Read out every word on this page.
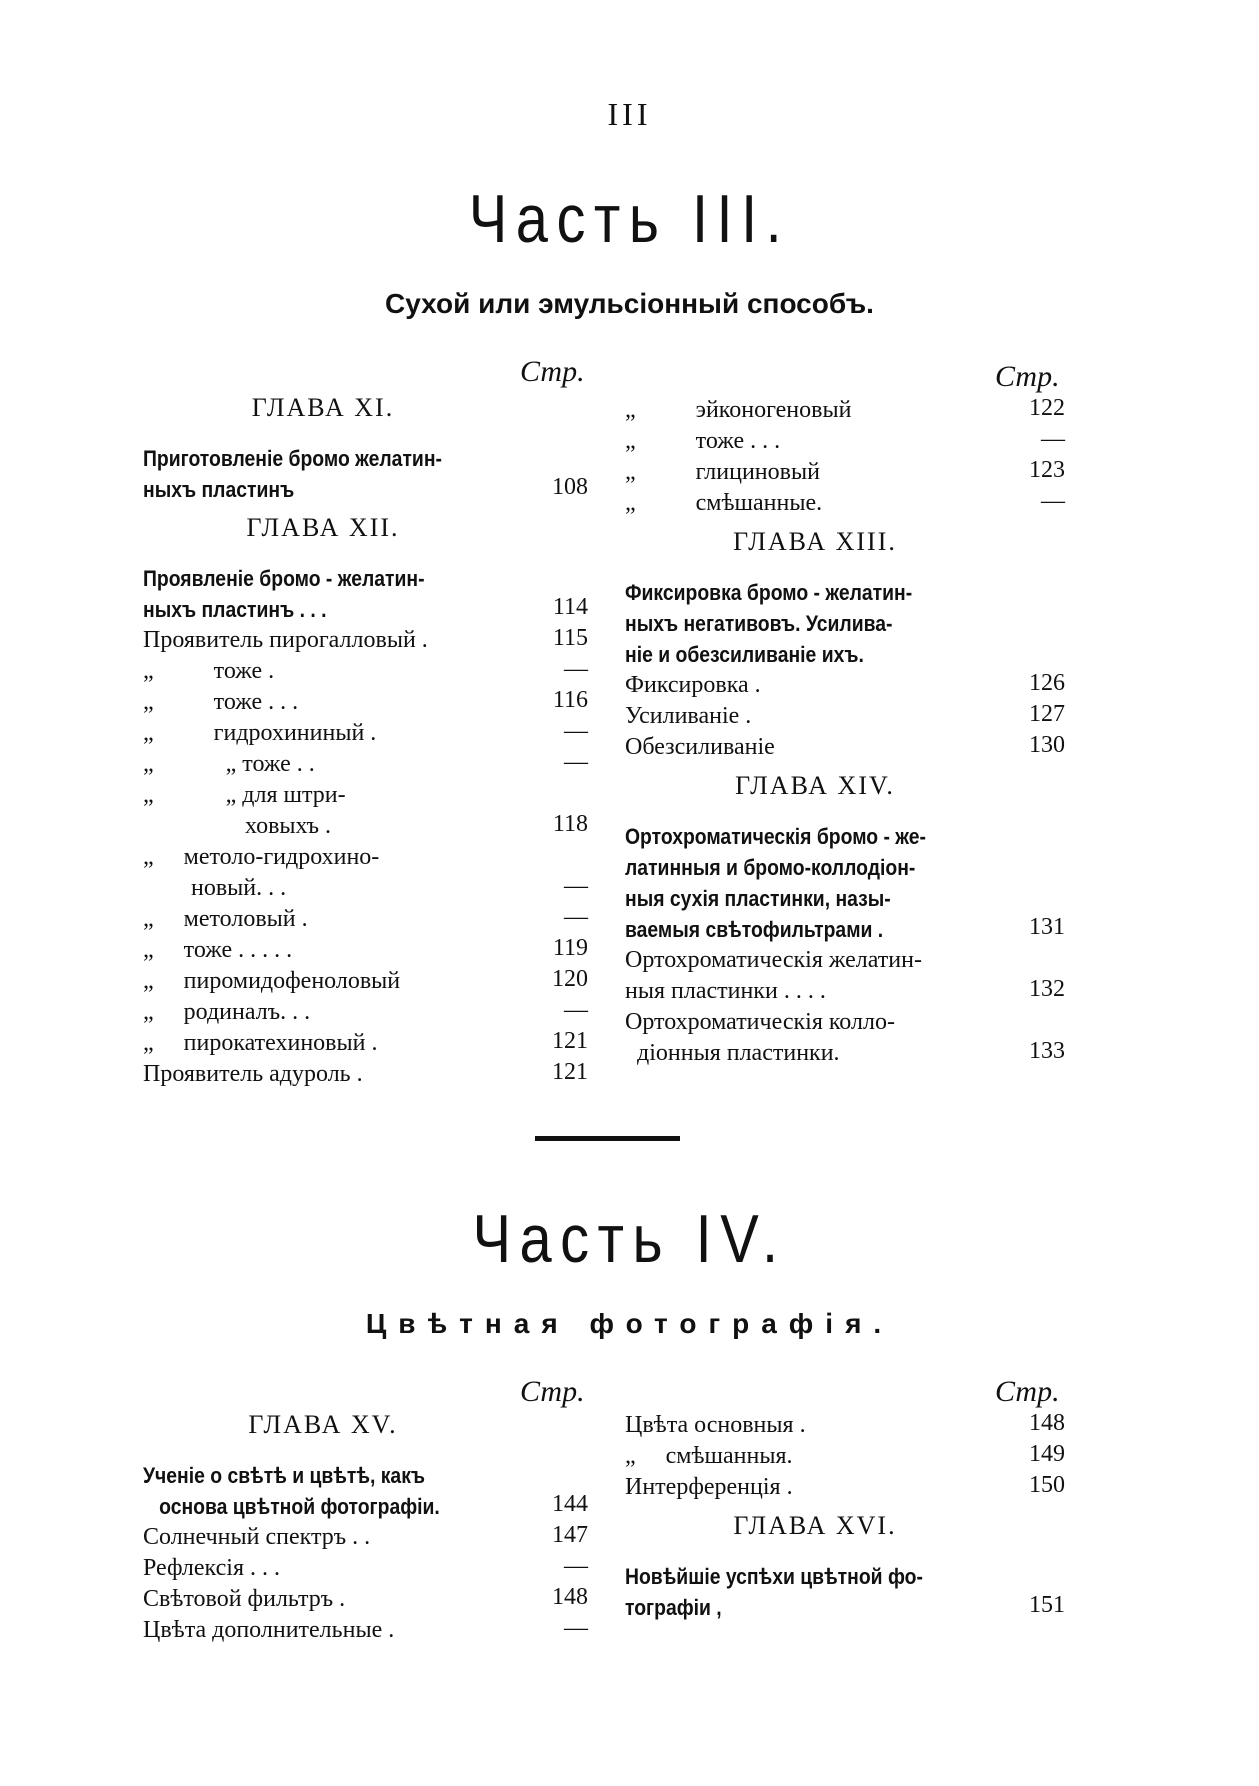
III
Часть III.
Сухой или эмульсіонный способъ.
Стр.	Стр.
ГЛАВА XI.
Приготовленіе бромо желатин-
ныхъ пластинъ	108
ГЛАВА XII.
Проявленіе бромо - желатин-
ныхъ пластинъ . . .	114
Проявитель пирогалловый .	115
„          тоже .	—
„          тоже . . .	116
„          гидрохининый .	—
„            „ тоже . .	—
„            „ для штри-
ховыхъ .	118
„     метоло-гидрохино-
новый. . .	—
„     метоловый .	—
„     тоже . . . . .	119
„     пиромидофеноловый	120
„     родиналъ. . .	—
„     пирокатехиновый .	121
Проявитель адуроль .	121
„          эйконогеновый	122
„          тоже . . .	—
„          глициновый	123
„          смѣшанные.	—
ГЛАВА XIII.
Фиксировка бромо - желатин-
ныхъ негативовъ. Усилива-
ніе и обезсиливаніе ихъ.
Фиксировка .	126
Усиливаніе .	127
Обезсиливаніе	130
ГЛАВА XIV.
Ортохроматическія бромо - же-
латинныя и бромо-коллодіон-
ныя сухія пластинки, назы-
ваемыя свѣтофильтрами .	131
Ортохроматическія желатин-
ныя пластинки . . . .	132
Ортохроматическія колло-
діонныя пластинки.	133
Часть IV.
Цвѣтная фотографія.
Стр.	Стр.
ГЛАВА XV.
Ученіе о свѣтѣ и цвѣтѣ, какъ
основа цвѣтной фотографіи.	144
Солнечный спектръ . .	147
Рефлексія . . .	—
Свѣтовой фильтръ .	148
Цвѣта дополнительные .	—
Цвѣта основныя .	148
„     смѣшанныя.	149
Интерференція .	150
ГЛАВА XVI.
Новѣйшіе успѣхи цвѣтной фо-
тографіи ,	151
